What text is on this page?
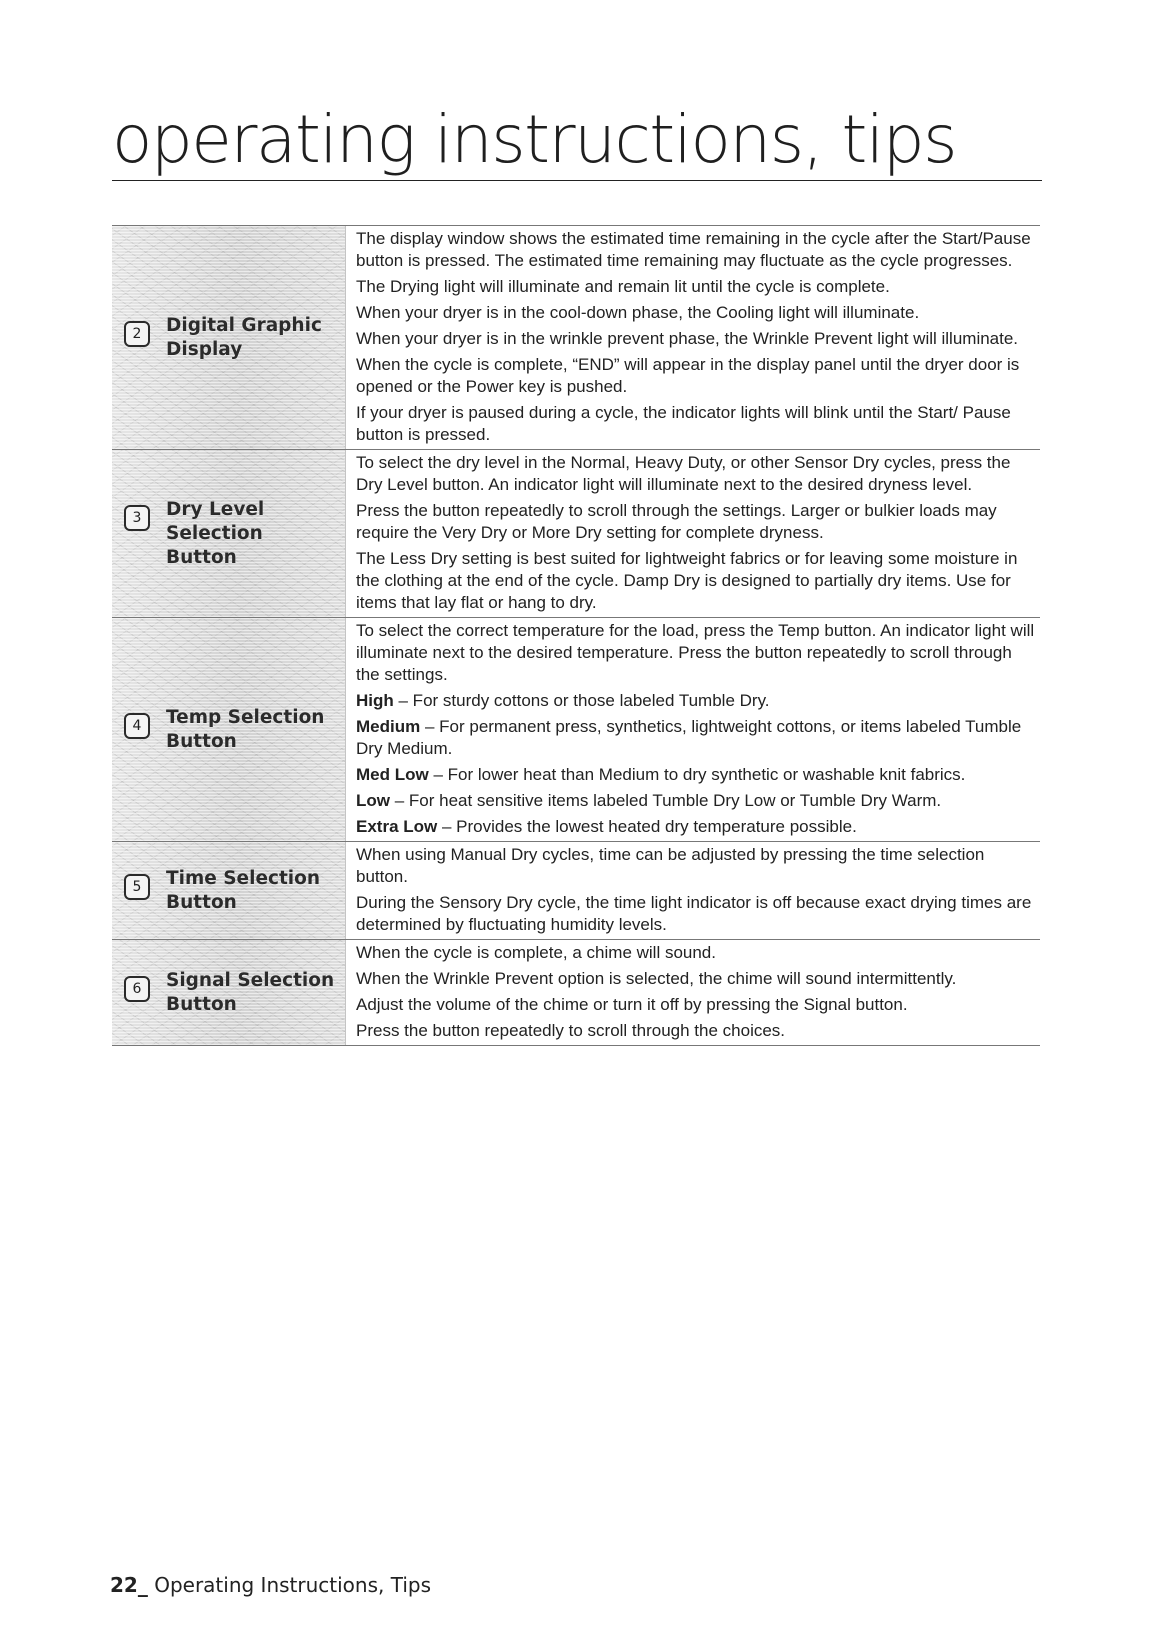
operating instructions, tips
2	Digital Graphic
Display

The display window shows the estimated time remaining in the cycle after the Start/Pause button is pressed. The estimated time remaining may fluctuate as the cycle progresses.

The Drying light will illuminate and remain lit until the cycle is complete.

When your dryer is in the cool-down phase, the Cooling light will illuminate.

When your dryer is in the wrinkle prevent phase, the Wrinkle Prevent light will illuminate.

When the cycle is complete, “END” will appear in the display panel until the dryer door is opened or the Power key is pushed.

If your dryer is paused during a cycle, the indicator lights will blink until the Start/ Pause button is pressed.

3	Dry Level
Selection Button

To select the dry level in the Normal, Heavy Duty, or other Sensor Dry cycles, press the Dry Level button. An indicator light will illuminate next to the desired dryness level.

Press the button repeatedly to scroll through the settings. Larger or bulkier loads may require the Very Dry or More Dry setting for complete dryness.

The Less Dry setting is best suited for lightweight fabrics or for leaving some moisture in the clothing at the end of the cycle. Damp Dry is designed to partially dry items. Use for items that lay flat or hang to dry.

4	Temp Selection
Button

To select the correct temperature for the load, press the Temp button. An indicator light will illuminate next to the desired temperature. Press the button repeatedly to scroll through the settings.

High – For sturdy cottons or those labeled Tumble Dry.

Medium – For permanent press, synthetics, lightweight cottons, or items labeled Tumble Dry Medium.

Med Low – For lower heat than Medium to dry synthetic or washable knit fabrics.

Low – For heat sensitive items labeled Tumble Dry Low or Tumble Dry Warm.

Extra Low – Provides the lowest heated dry temperature possible.

5	Time Selection
Button

When using Manual Dry cycles, time can be adjusted by pressing the time selection button.

During the Sensory Dry cycle, the time light indicator is off because exact drying times are determined by fluctuating humidity levels.

6	Signal Selection
Button

When the cycle is complete, a chime will sound.

When the Wrinkle Prevent option is selected, the chime will sound intermittently.

Adjust the volume of the chime or turn it off by pressing the Signal button.

Press the button repeatedly to scroll through the choices.

22_ Operating Instructions, Tips
